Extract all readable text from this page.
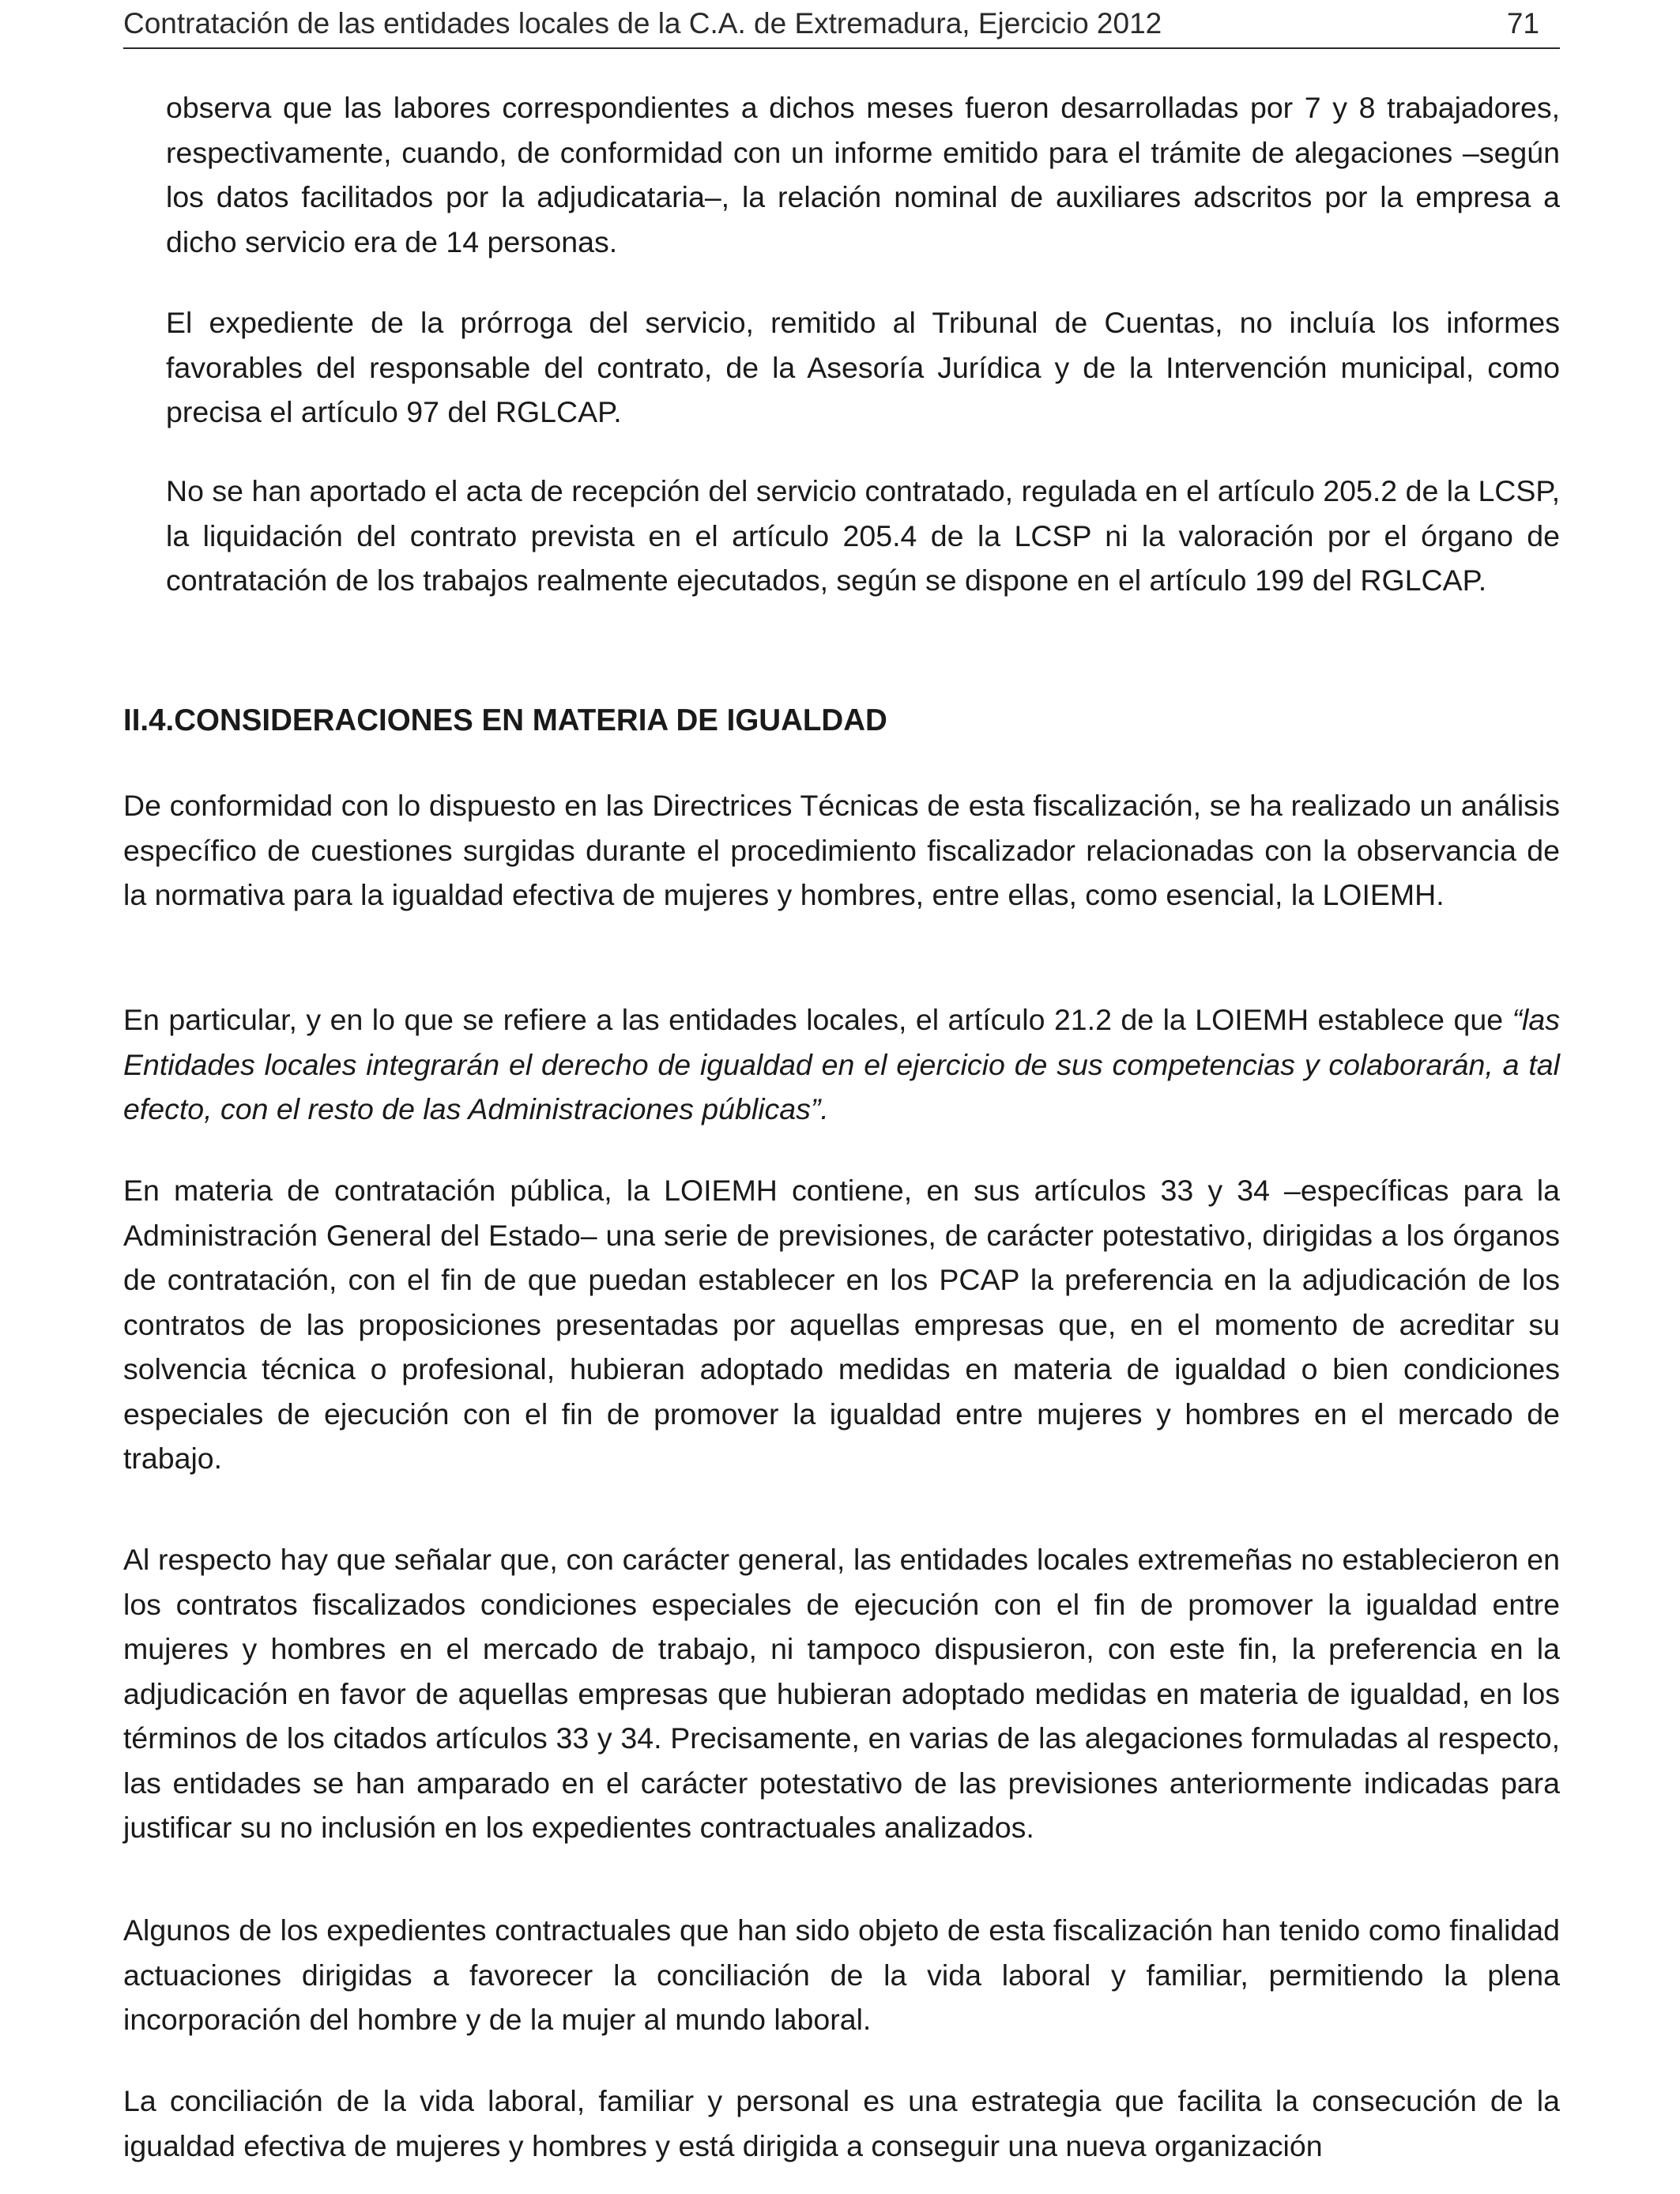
Contratación de las entidades locales de la C.A. de Extremadura, Ejercicio 2012	71

observa que las labores correspondientes a dichos meses fueron desarrolladas por 7 y 8 trabajadores, respectivamente, cuando, de conformidad con un informe emitido para el trámite de alegaciones –según los datos facilitados por la adjudicataria–, la relación nominal de auxiliares adscritos por la empresa a dicho servicio era de 14 personas.

El expediente de la prórroga del servicio, remitido al Tribunal de Cuentas, no incluía los informes favorables del responsable del contrato, de la Asesoría Jurídica y de la Intervención municipal, como precisa el artículo 97 del RGLCAP.

No se han aportado el acta de recepción del servicio contratado, regulada en el artículo 205.2 de la LCSP, la liquidación del contrato prevista en el artículo 205.4 de la LCSP ni la valoración por el órgano de contratación de los trabajos realmente ejecutados, según se dispone en el artículo 199 del RGLCAP.

II.4.CONSIDERACIONES EN MATERIA DE IGUALDAD

De conformidad con lo dispuesto en las Directrices Técnicas de esta fiscalización, se ha realizado un análisis específico de cuestiones surgidas durante el procedimiento fiscalizador relacionadas con la observancia de la normativa para la igualdad efectiva de mujeres y hombres, entre ellas, como esencial, la LOIEMH.

En particular, y en lo que se refiere a las entidades locales, el artículo 21.2 de la LOIEMH establece que “las Entidades locales integrarán el derecho de igualdad en el ejercicio de sus competencias y colaborarán, a tal efecto, con el resto de las Administraciones públicas”.

En materia de contratación pública, la LOIEMH contiene, en sus artículos 33 y 34 –específicas para la Administración General del Estado– una serie de previsiones, de carácter potestativo, dirigidas a los órganos de contratación, con el fin de que puedan establecer en los PCAP la preferencia en la adjudicación de los contratos de las proposiciones presentadas por aquellas empresas que, en el momento de acreditar su solvencia técnica o profesional, hubieran adoptado medidas en materia de igualdad o bien condiciones especiales de ejecución con el fin de promover la igualdad entre mujeres y hombres en el mercado de trabajo.

Al respecto hay que señalar que, con carácter general, las entidades locales extremeñas no establecieron en los contratos fiscalizados condiciones especiales de ejecución con el fin de promover la igualdad entre mujeres y hombres en el mercado de trabajo, ni tampoco dispusieron, con este fin, la preferencia en la adjudicación en favor de aquellas empresas que hubieran adoptado medidas en materia de igualdad, en los términos de los citados artículos 33 y 34. Precisamente, en varias de las alegaciones formuladas al respecto, las entidades se han amparado en el carácter potestativo de las previsiones anteriormente indicadas para justificar su no inclusión en los expedientes contractuales analizados.

Algunos de los expedientes contractuales que han sido objeto de esta fiscalización han tenido como finalidad actuaciones dirigidas a favorecer la conciliación de la vida laboral y familiar, permitiendo la plena incorporación del hombre y de la mujer al mundo laboral.

La conciliación de la vida laboral, familiar y personal es una estrategia que facilita la consecución de la igualdad efectiva de mujeres y hombres y está dirigida a conseguir una nueva organización
